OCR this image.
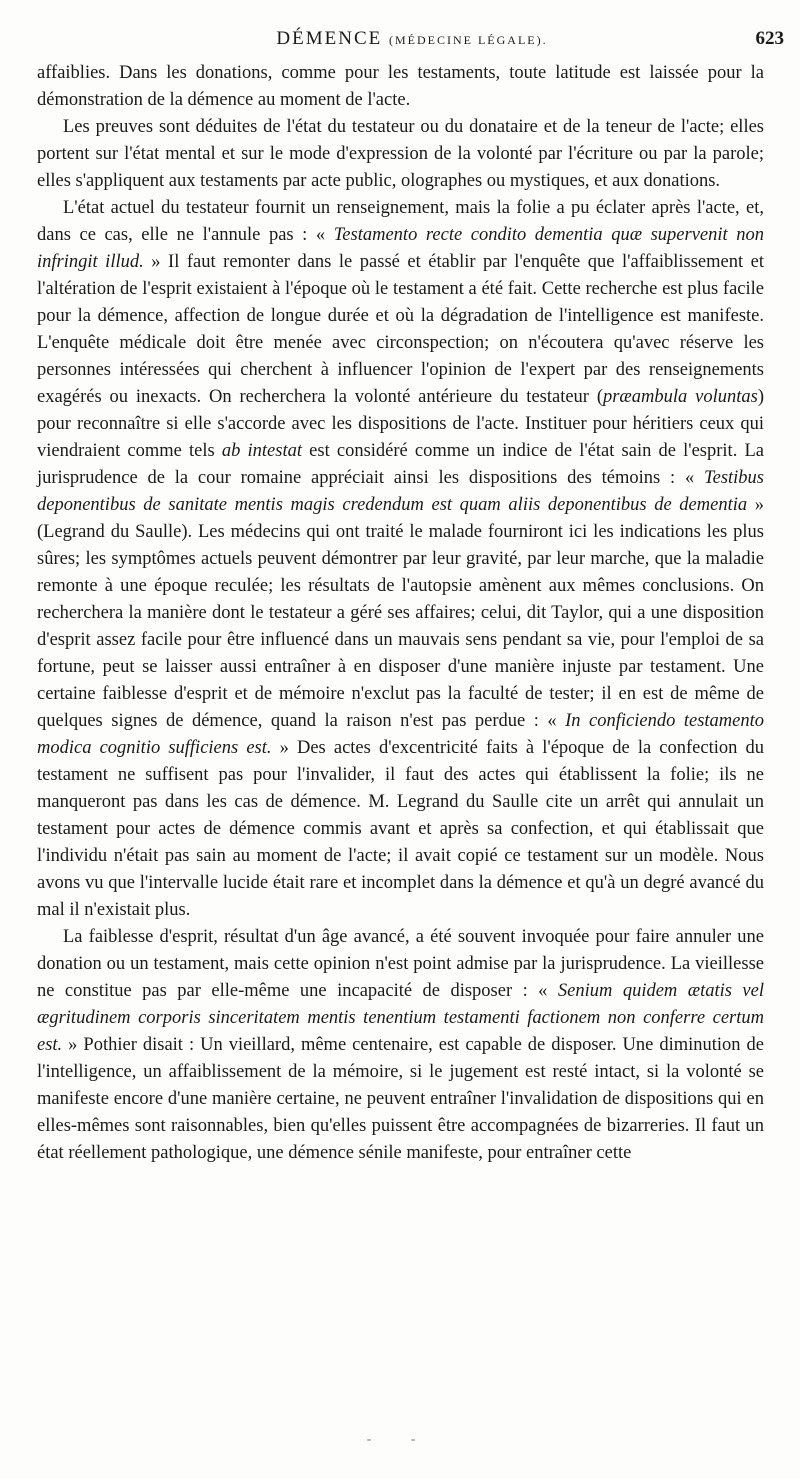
DÉMENCE (MÉDECINE LÉGALE).	623

affaiblies. Dans les donations, comme pour les testaments, toute latitude est laissée pour la démonstration de la démence au moment de l'acte.

Les preuves sont déduites de l'état du testateur ou du donataire et de la teneur de l'acte; elles portent sur l'état mental et sur le mode d'expression de la volonté par l'écriture ou par la parole; elles s'appliquent aux testaments par acte public, olographes ou mystiques, et aux donations.

L'état actuel du testateur fournit un renseignement, mais la folie a pu éclater après l'acte, et, dans ce cas, elle ne l'annule pas : « Testamento recte condito dementia quæ supervenit non infringit illud. » Il faut remonter dans le passé et établir par l'enquête que l'affaiblissement et l'altération de l'esprit existaient à l'époque où le testament a été fait. Cette recherche est plus facile pour la démence, affection de longue durée et où la dégradation de l'intelligence est manifeste. L'enquête médicale doit être menée avec circonspection; on n'écoutera qu'avec réserve les personnes intéressées qui cherchent à influencer l'opinion de l'expert par des renseignements exagérés ou inexacts. On recherchera la volonté antérieure du testateur (præambula voluntas) pour reconnaître si elle s'accorde avec les dispositions de l'acte. Instituer pour héritiers ceux qui viendraient comme tels ab intestat est considéré comme un indice de l'état sain de l'esprit. La jurisprudence de la cour romaine appréciait ainsi les dispositions des témoins : « Testibus deponentibus de sanitate mentis magis credendum est quam aliis deponentibus de dementia » (Legrand du Saulle). Les médecins qui ont traité le malade fourniront ici les indications les plus sûres; les symptômes actuels peuvent démontrer par leur gravité, par leur marche, que la maladie remonte à une époque reculée; les résultats de l'autopsie amènent aux mêmes conclusions. On recherchera la manière dont le testateur a géré ses affaires; celui, dit Taylor, qui a une disposition d'esprit assez facile pour être influencé dans un mauvais sens pendant sa vie, pour l'emploi de sa fortune, peut se laisser aussi entraîner à en disposer d'une manière injuste par testament. Une certaine faiblesse d'esprit et de mémoire n'exclut pas la faculté de tester; il en est de même de quelques signes de démence, quand la raison n'est pas perdue : « In conficiendo testamento modica cognitio sufficiens est. » Des actes d'excentricité faits à l'époque de la confection du testament ne suffisent pas pour l'invalider, il faut des actes qui établissent la folie; ils ne manqueront pas dans les cas de démence. M. Legrand du Saulle cite un arrêt qui annulait un testament pour actes de démence commis avant et après sa confection, et qui établissait que l'individu n'était pas sain au moment de l'acte; il avait copié ce testament sur un modèle. Nous avons vu que l'intervalle lucide était rare et incomplet dans la démence et qu'à un degré avancé du mal il n'existait plus.

La faiblesse d'esprit, résultat d'un âge avancé, a été souvent invoquée pour faire annuler une donation ou un testament, mais cette opinion n'est point admise par la jurisprudence. La vieillesse ne constitue pas par elle-même une incapacité de disposer : « Senium quidem ætatis vel ægritudinem corporis sinceritatem mentis tenentium testamenti factionem non conferre certum est. » Pothier disait : Un vieillard, même centenaire, est capable de disposer. Une diminution de l'intelligence, un affaiblissement de la mémoire, si le jugement est resté intact, si la volonté se manifeste encore d'une manière certaine, ne peuvent entraîner l'invalidation de dispositions qui en elles-mêmes sont raisonnables, bien qu'elles puissent être accompagnées de bizarreries. Il faut un état réellement pathologique, une démence sénile manifeste, pour entraîner cette

- -
